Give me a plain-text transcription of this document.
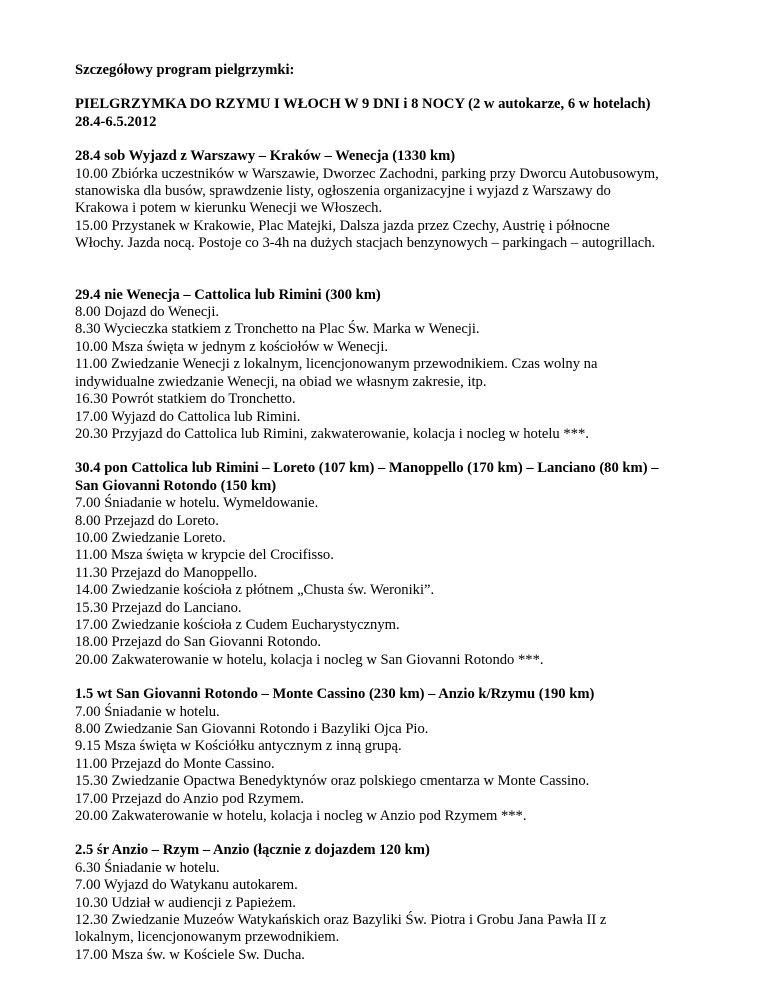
Szczegółowy program pielgrzymki:
PIELGRZYMKA DO RZYMU I WŁOCH W 9 DNI i 8 NOCY (2 w autokarze, 6 w hotelach)
28.4-6.5.2012
28.4 sob Wyjazd z Warszawy – Kraków – Wenecja (1330 km)
10.00 Zbiórka uczestników w Warszawie, Dworzec Zachodni, parking przy Dworcu Autobusowym,
stanowiska dla busów, sprawdzenie listy, ogłoszenia organizacyjne i wyjazd z Warszawy do
Krakowa i potem w kierunku Wenecji we Włoszech.
15.00 Przystanek w Krakowie, Plac Matejki, Dalsza jazda przez Czechy, Austrię i północne
Włochy. Jazda nocą. Postoje co 3-4h na dużych stacjach benzynowych – parkingach – autogrillach.
29.4 nie Wenecja – Cattolica lub Rimini (300 km)
8.00 Dojazd do Wenecji.
8.30 Wycieczka statkiem z Tronchetto na Plac Św. Marka w Wenecji.
10.00 Msza święta w jednym z kościołów w Wenecji.
11.00 Zwiedzanie Wenecji z lokalnym, licencjonowanym przewodnikiem. Czas wolny na
indywidualne zwiedzanie Wenecji, na obiad we własnym zakresie, itp.
16.30 Powrót statkiem do Tronchetto.
17.00 Wyjazd do Cattolica lub Rimini.
20.30 Przyjazd do Cattolica lub Rimini, zakwaterowanie, kolacja i nocleg w hotelu ***.
30.4 pon Cattolica lub Rimini – Loreto (107 km) – Manoppello (170 km) – Lanciano (80 km) –
San Giovanni Rotondo (150 km)
7.00 Śniadanie w hotelu. Wymeldowanie.
8.00 Przejazd do Loreto.
10.00 Zwiedzanie Loreto.
11.00 Msza święta w krypcie del Crocifisso.
11.30 Przejazd do Manoppello.
14.00 Zwiedzanie kościoła z płótnem „Chusta św. Weroniki”.
15.30 Przejazd do Lanciano.
17.00 Zwiedzanie kościoła z Cudem Eucharystycznym.
18.00 Przejazd do San Giovanni Rotondo.
20.00 Zakwaterowanie w hotelu, kolacja i nocleg w San Giovanni Rotondo ***.
1.5 wt San Giovanni Rotondo – Monte Cassino (230 km) – Anzio k/Rzymu (190 km)
7.00 Śniadanie w hotelu.
8.00 Zwiedzanie San Giovanni Rotondo i Bazyliki Ojca Pio.
9.15 Msza święta w Kościółku antycznym z inną grupą.
11.00 Przejazd do Monte Cassino.
15.30 Zwiedzanie Opactwa Benedyktynów oraz polskiego cmentarza w Monte Cassino.
17.00 Przejazd do Anzio pod Rzymem.
20.00 Zakwaterowanie w hotelu, kolacja i nocleg w Anzio pod Rzymem ***.
2.5 śr Anzio – Rzym – Anzio (łącznie z dojazdem 120 km)
6.30 Śniadanie w hotelu.
7.00 Wyjazd do Watykanu autokarem.
10.30 Udział w audiencji z Papieżem.
12.30 Zwiedzanie Muzeów Watykańskich oraz Bazyliki Św. Piotra i Grobu Jana Pawła II z
lokalnym, licencjonowanym przewodnikiem.
17.00 Msza św. w Kościele Sw. Ducha.
